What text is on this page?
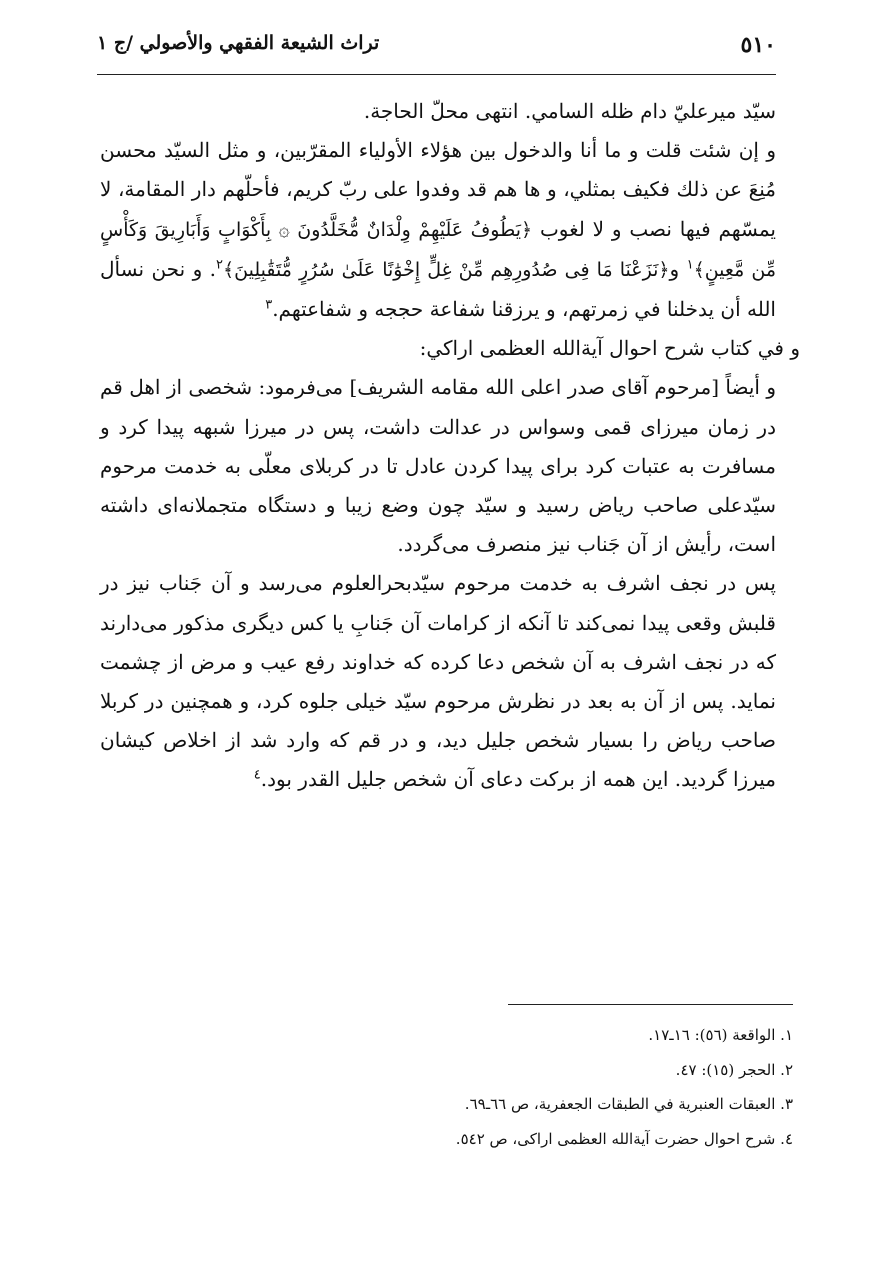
٥١٠
تراث الشيعة الفقهي والأصولي /ج ١

سيّد ميرعليّ دام ظله السامي. انتهى محلّ الحاجة.

و إن شئت قلت و ما أنا والدخول بين هؤلاء الأولياء المقرّبين، و مثل السيّد محسن مُنِعَ عن ذلك فكيف بمثلي، و ها هم قد وفدوا على ربّ كريم، فأحلّهم دار المقامة، لا يمسّهم فيها نصب و لا لغوب ﴿يَطُوفُ عَلَيْهِمْ وِلْدَانٌ مُّخَلَّدُونَ ۞ بِأَكْوَابٍ وَأَبَارِيقَ وَكَأْسٍ مِّن مَّعِينٍ﴾$^١$ و﴿نَزَعْنَا مَا فِى صُدُورِهِم مِّنْ غِلٍّ إِخْوَٰنًا عَلَىٰ سُرُرٍ مُّتَقَٰبِلِينَ﴾$^٢$. و نحن نسأل الله أن يدخلنا في زمرتهم، و يرزقنا شفاعة حججه و شفاعتهم.$^٣$

و في كتاب شرح احوال آيةالله العظمى اراكي:

و أيضاً [مرحوم آقاى صدر اعلى الله مقامه الشريف] مى‌فرمود: شخصى از اهل قم در زمان ميرزاى قمى وسواس در عدالت داشت، پس در ميرزا شبهه پيدا كرد و مسافرت به عتبات كرد براى پيدا كردن عادل تا در كربلاى معلّى به خدمت مرحوم سيّدعلى صاحب رياض رسيد و سيّد چون وضع زيبا و دستگاه متجملانه‌اى داشته است، رأيش از آن جَناب نيز منصرف مى‌گردد.

پس در نجف اشرف به خدمت مرحوم سيّدبحرالعلوم مى‌رسد و آن جَناب نيز در قلبش وقعى پيدا نمى‌كند تا آنكه از كرامات آن جَنابِ يا كس ديگرى مذكور مى‌دارند كه در نجف اشرف به آن شخص دعا كرده كه خداوند رفع عيب و مرض از چشمت نمايد. پس از آن به بعد در نظرش مرحوم سيّد خيلى جلوه كرد، و همچنين در كربلا صاحب رياض را بسيار شخص جليل ديد، و در قم كه وارد شد از اخلاص كيشان ميرزا گرديد. اين همه از بركت دعاى آن شخص جليل القدر بود.$^٤$

١. الواقعة (٥٦): ١٦ـ١٧.

٢. الحجر (١٥): ٤٧.

٣. العبقات العنبرية في الطبقات الجعفرية، ص ٦٦ـ٦٩.

٤. شرح احوال حضرت آيةالله العظمى اراكى، ص ٥٤٢.
